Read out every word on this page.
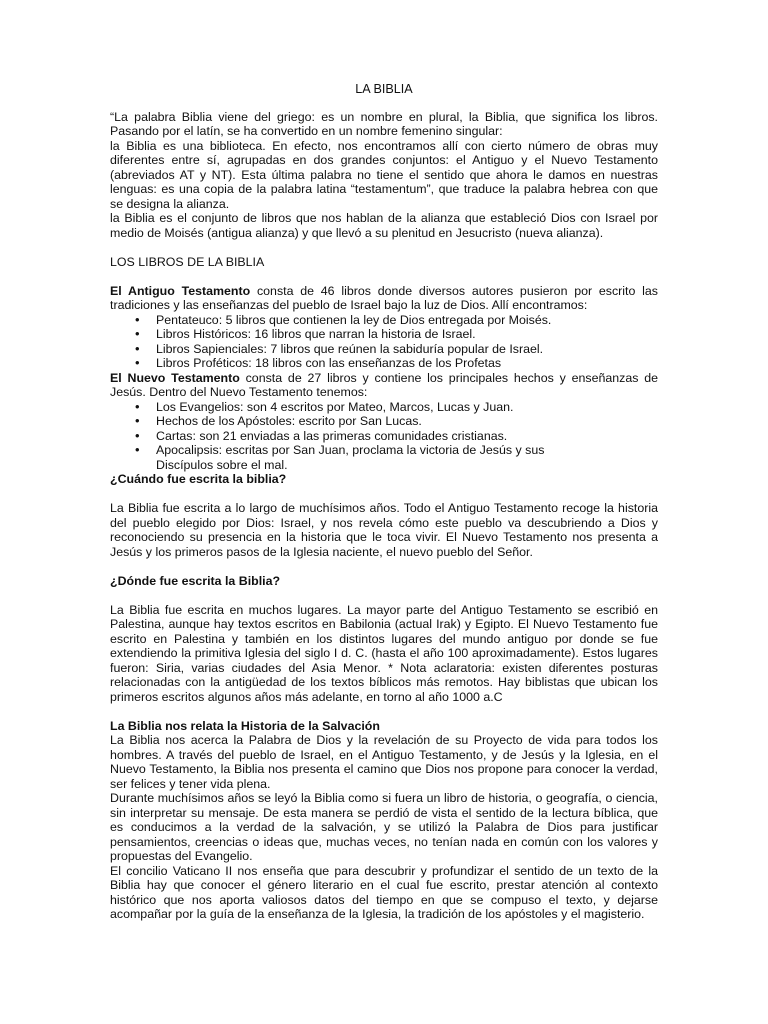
LA BIBLIA

“La palabra Biblia viene del griego: es un nombre en plural, la Biblia, que significa los libros. Pasando por el latín, se ha convertido en un nombre femenino singular:

la Biblia es una biblioteca. En efecto, nos encontramos allí con cierto número de obras muy diferentes entre sí, agrupadas en dos grandes conjuntos: el Antiguo y el Nuevo Testamento (abreviados AT y NT). Esta última palabra no tiene el sentido que ahora le damos en nuestras lenguas: es una copia de la palabra latina “testamentum”, que traduce la palabra hebrea con que se designa la alianza.

la Biblia es el conjunto de libros que nos hablan de la alianza que estableció Dios con Israel por medio de Moisés (antigua alianza) y que llevó a su plenitud en Jesucristo (nueva alianza).

LOS LIBROS DE LA BIBLIA

El Antiguo Testamento consta de 46 libros donde diversos autores pusieron por escrito las tradiciones y las enseñanzas del pueblo de Israel bajo la luz de Dios. Allí encontramos:

• Pentateuco: 5 libros que contienen la ley de Dios entregada por Moisés.
• Libros Históricos: 16 libros que narran la historia de Israel.
• Libros Sapienciales: 7 libros que reúnen la sabiduría popular de Israel.
• Libros Proféticos: 18 libros con las enseñanzas de los Profetas

El Nuevo Testamento consta de 27 libros y contiene los principales hechos y enseñanzas de Jesús. Dentro del Nuevo Testamento tenemos:

• Los Evangelios: son 4 escritos por Mateo, Marcos, Lucas y Juan.
• Hechos de los Apóstoles: escrito por San Lucas.
• Cartas: son 21 enviadas a las primeras comunidades cristianas.
• Apocalipsis: escritas por San Juan, proclama la victoria de Jesús y sus Discípulos sobre el mal.

¿Cuándo fue escrita la biblia?

La Biblia fue escrita a lo largo de muchísimos años. Todo el Antiguo Testamento recoge la historia del pueblo elegido por Dios: Israel, y nos revela cómo este pueblo va descubriendo a Dios y reconociendo su presencia en la historia que le toca vivir. El Nuevo Testamento nos presenta a Jesús y los primeros pasos de la Iglesia naciente, el nuevo pueblo del Señor.

¿Dónde fue escrita la Biblia?

La Biblia fue escrita en muchos lugares. La mayor parte del Antiguo Testamento se escribió en Palestina, aunque hay textos escritos en Babilonia (actual Irak) y Egipto. El Nuevo Testamento fue escrito en Palestina y también en los distintos lugares del mundo antiguo por donde se fue extendiendo la primitiva Iglesia del siglo I d. C. (hasta el año 100 aproximadamente). Estos lugares fueron: Siria, varias ciudades del Asia Menor. * Nota aclaratoria: existen diferentes posturas relacionadas con la antigüedad de los textos bíblicos más remotos. Hay biblistas que ubican los primeros escritos algunos años más adelante, en torno al año 1000 a.C

La Biblia nos relata la Historia de la Salvación

La Biblia nos acerca la Palabra de Dios y la revelación de su Proyecto de vida para todos los hombres. A través del pueblo de Israel, en el Antiguo Testamento, y de Jesús y la Iglesia, en el Nuevo Testamento, la Biblia nos presenta el camino que Dios nos propone para conocer la verdad, ser felices y tener vida plena.

Durante muchísimos años se leyó la Biblia como si fuera un libro de historia, o geografía, o ciencia, sin interpretar su mensaje. De esta manera se perdió de vista el sentido de la lectura bíblica, que es conducimos a la verdad de la salvación, y se utilizó la Palabra de Dios para justificar pensamientos, creencias o ideas que, muchas veces, no tenían nada en común con los valores y propuestas del Evangelio.

El concilio Vaticano II nos enseña que para descubrir y profundizar el sentido de un texto de la Biblia hay que conocer el género literario en el cual fue escrito, prestar atención al contexto histórico que nos aporta valiosos datos del tiempo en que se compuso el texto, y dejarse acompañar por la guía de la enseñanza de la Iglesia, la tradición de los apóstoles y el magisterio.
